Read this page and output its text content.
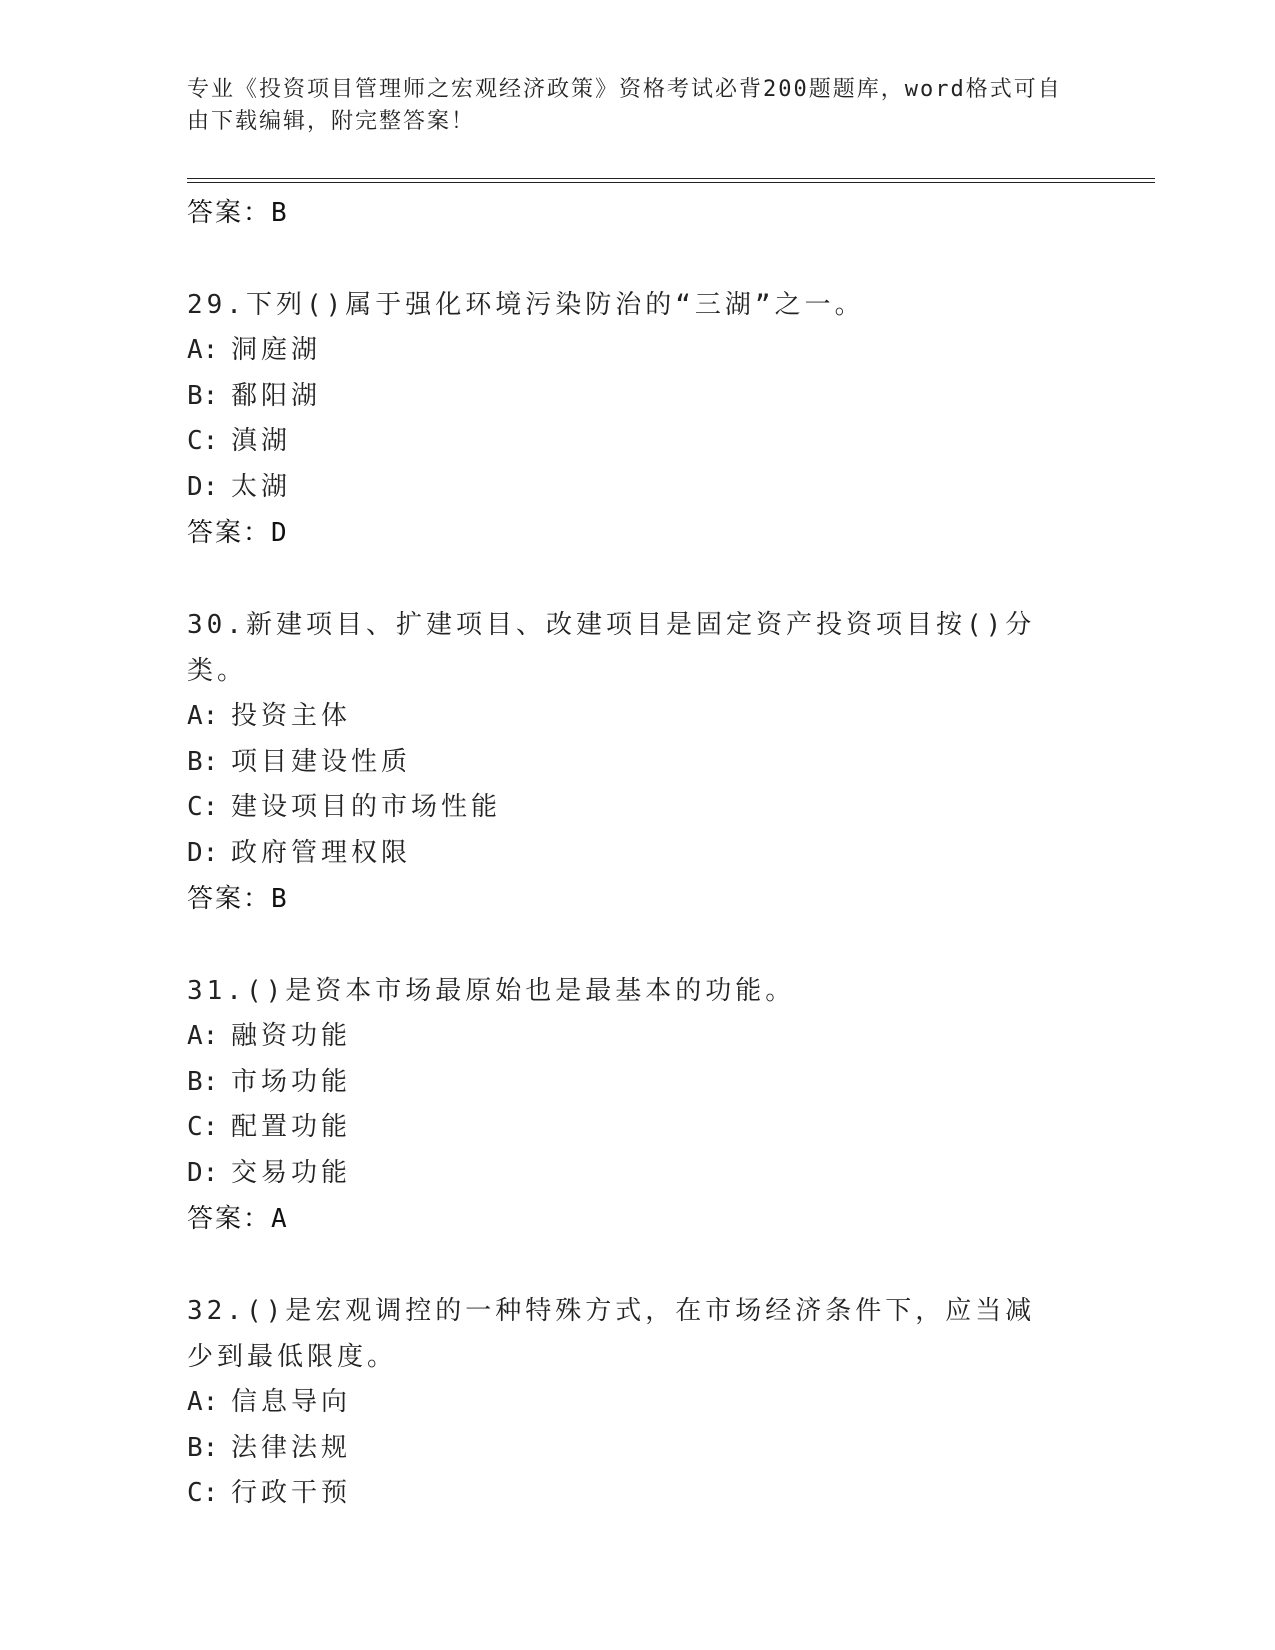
专业《投资项目管理师之宏观经济政策》资格考试必背200题题库，word格式可自由下载编辑，附完整答案！
答案：B
29.下列()属于强化环境污染防治的“三湖”之一。
A: 洞庭湖
B: 鄱阳湖
C: 滇湖
D: 太湖
答案：D
30.新建项目、扩建项目、改建项目是固定资产投资项目按()分类。
A: 投资主体
B: 项目建设性质
C: 建设项目的市场性能
D: 政府管理权限
答案：B
31.()是资本市场最原始也是最基本的功能。
A: 融资功能
B: 市场功能
C: 配置功能
D: 交易功能
答案：A
32.()是宏观调控的一种特殊方式，在市场经济条件下，应当减少到最低限度。
A: 信息导向
B: 法律法规
C: 行政干预
